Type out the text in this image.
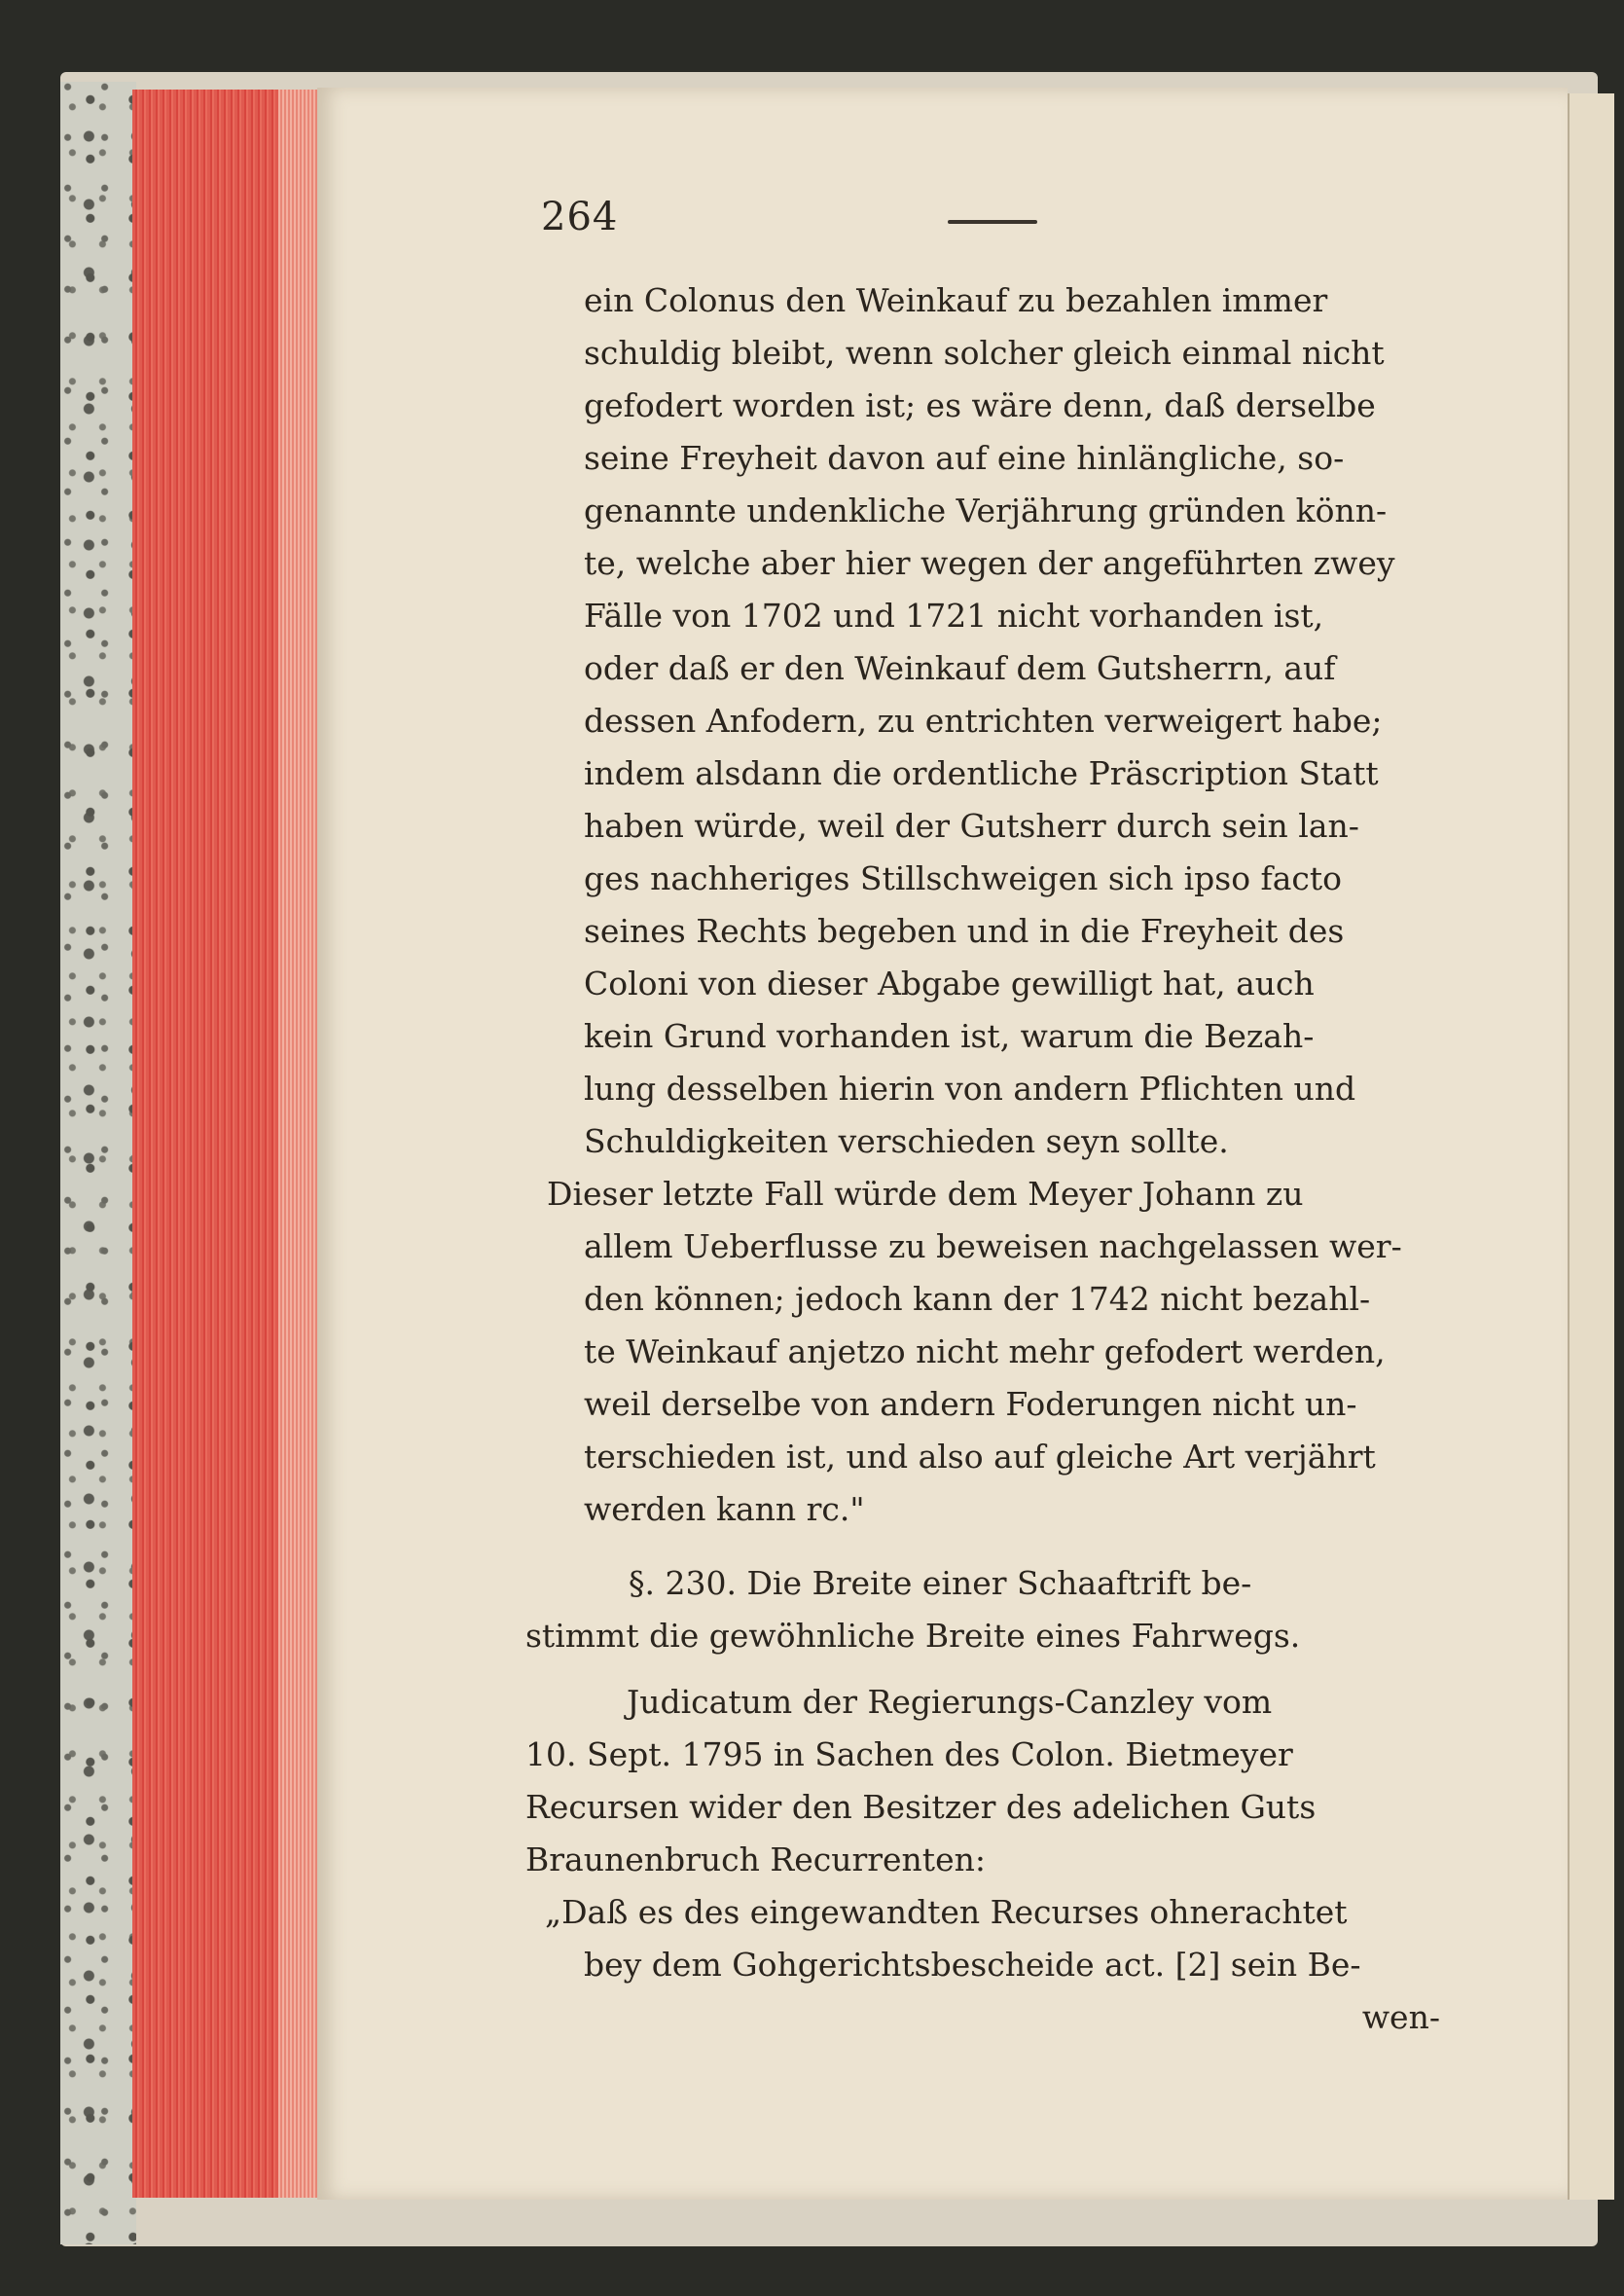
264
ein Colonus den Weinkauf zu bezahlen immer
schuldig bleibt, wenn solcher gleich einmal nicht
gefodert worden ist; es wäre denn, daß derselbe
seine Freyheit davon auf eine hinlängliche, so-
genannte undenkliche Verjährung gründen könn-
te, welche aber hier wegen der angeführten zwey
Fälle von 1702 und 1721 nicht vorhanden ist,
oder daß er den Weinkauf dem Gutsherrn, auf
dessen Anfodern, zu entrichten verweigert habe;
indem alsdann die ordentliche Präscription Statt
haben würde, weil der Gutsherr durch sein lan-
ges nachheriges Stillschweigen sich ipso facto
seines Rechts begeben und in die Freyheit des
Coloni von dieser Abgabe gewilligt hat, auch
kein Grund vorhanden ist, warum die Bezah-
lung desselben hierin von andern Pflichten und
Schuldigkeiten verschieden seyn sollte.
Dieser letzte Fall würde dem Meyer Johann zu
allem Ueberflusse zu beweisen nachgelassen wer-
den können; jedoch kann der 1742 nicht bezahl-
te Weinkauf anjetzo nicht mehr gefodert werden,
weil derselbe von andern Foderungen nicht un-
terschieden ist, und also auf gleiche Art verjährt
werden kann rc."
§. 230. Die Breite einer Schaaftrift be-
stimmt die gewöhnliche Breite eines Fahrwegs.
Judicatum der Regierungs-Canzley vom
10. Sept. 1795 in Sachen des Colon. Bietmeyer
Recursen wider den Besitzer des adelichen Guts
Braunenbruch Recurrenten:
„Daß es des eingewandten Recurses ohnerachtet
bey dem Gohgerichtsbescheide act. [2] sein Be-
wen-
